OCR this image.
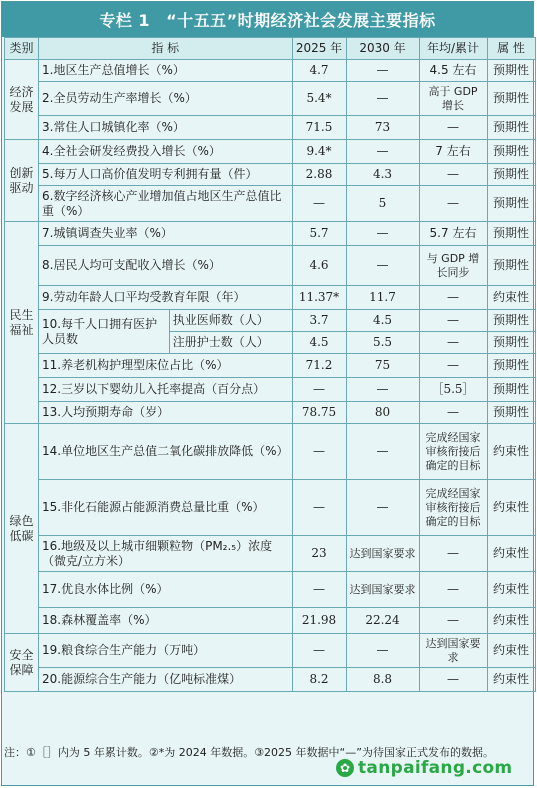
专栏 1 “十五五”时期经济社会发展主要指标
类别	指 标		2025 年	2030 年	年均/累计	属 性

经济发展	1.地区生产总值增长（%）		4.7	—	4.5 左右	预期性
	2.全员劳动生产率增长（%）		5.4*	—	高于 GDP 增长	预期性
	3.常住人口城镇化率（%）		71.5	73	—	预期性

创新驱动	4.全社会研发经费投入增长（%）		9.4*	—	7 左右	预期性
	5.每万人口高价值发明专利拥有量（件）		2.88	4.3	—	预期性
	6.数字经济核心产业增加值占地区生产总值比重（%）		—	5	—	预期性

民生福祉	7.城镇调查失业率（%）		5.7	—	5.7 左右	预期性
	8.居民人均可支配收入增长（%）		4.6	—	与 GDP 增长同步	预期性
	9.劳动年龄人口平均受教育年限（年）		11.37*	11.7	—	约束性
	10.每千人口拥有医护人员数	执业医师数（人）	3.7	4.5	—	预期性
		注册护士数（人）	4.5	5.5	—	预期性
	11.养老机构护理型床位占比（%）		71.2	75	—	预期性
	12.三岁以下婴幼儿入托率提高（百分点）		—	—	［5.5］	预期性
	13.人均预期寿命（岁）		78.75	80	—	预期性

绿色低碳	14.单位地区生产总值二氧化碳排放降低（%）		—	—	完成经国家审核衔接后确定的目标	约束性
	15.非化石能源占能源消费总量比重（%）		—	—	完成经国家审核衔接后确定的目标	约束性
	16.地级及以上城市细颗粒物（PM₂.₅）浓度（微克/立方米）		23	达到国家要求	—	约束性
	17.优良水体比例（%）		—	达到国家要求	—	约束性
	18.森林覆盖率（%）		21.98	22.24	—	约束性

安全保障	19.粮食综合生产能力（万吨）		—	—	达到国家要求	约束性
	20.能源综合生产能力（亿吨标准煤）		8.2	8.8	—	约束性
注：①［］内为 5 年累计数。②*为 2024 年数据。③2025 年数据中“—”为待国家正式发布的数据。
✿ tanpaifang.com
